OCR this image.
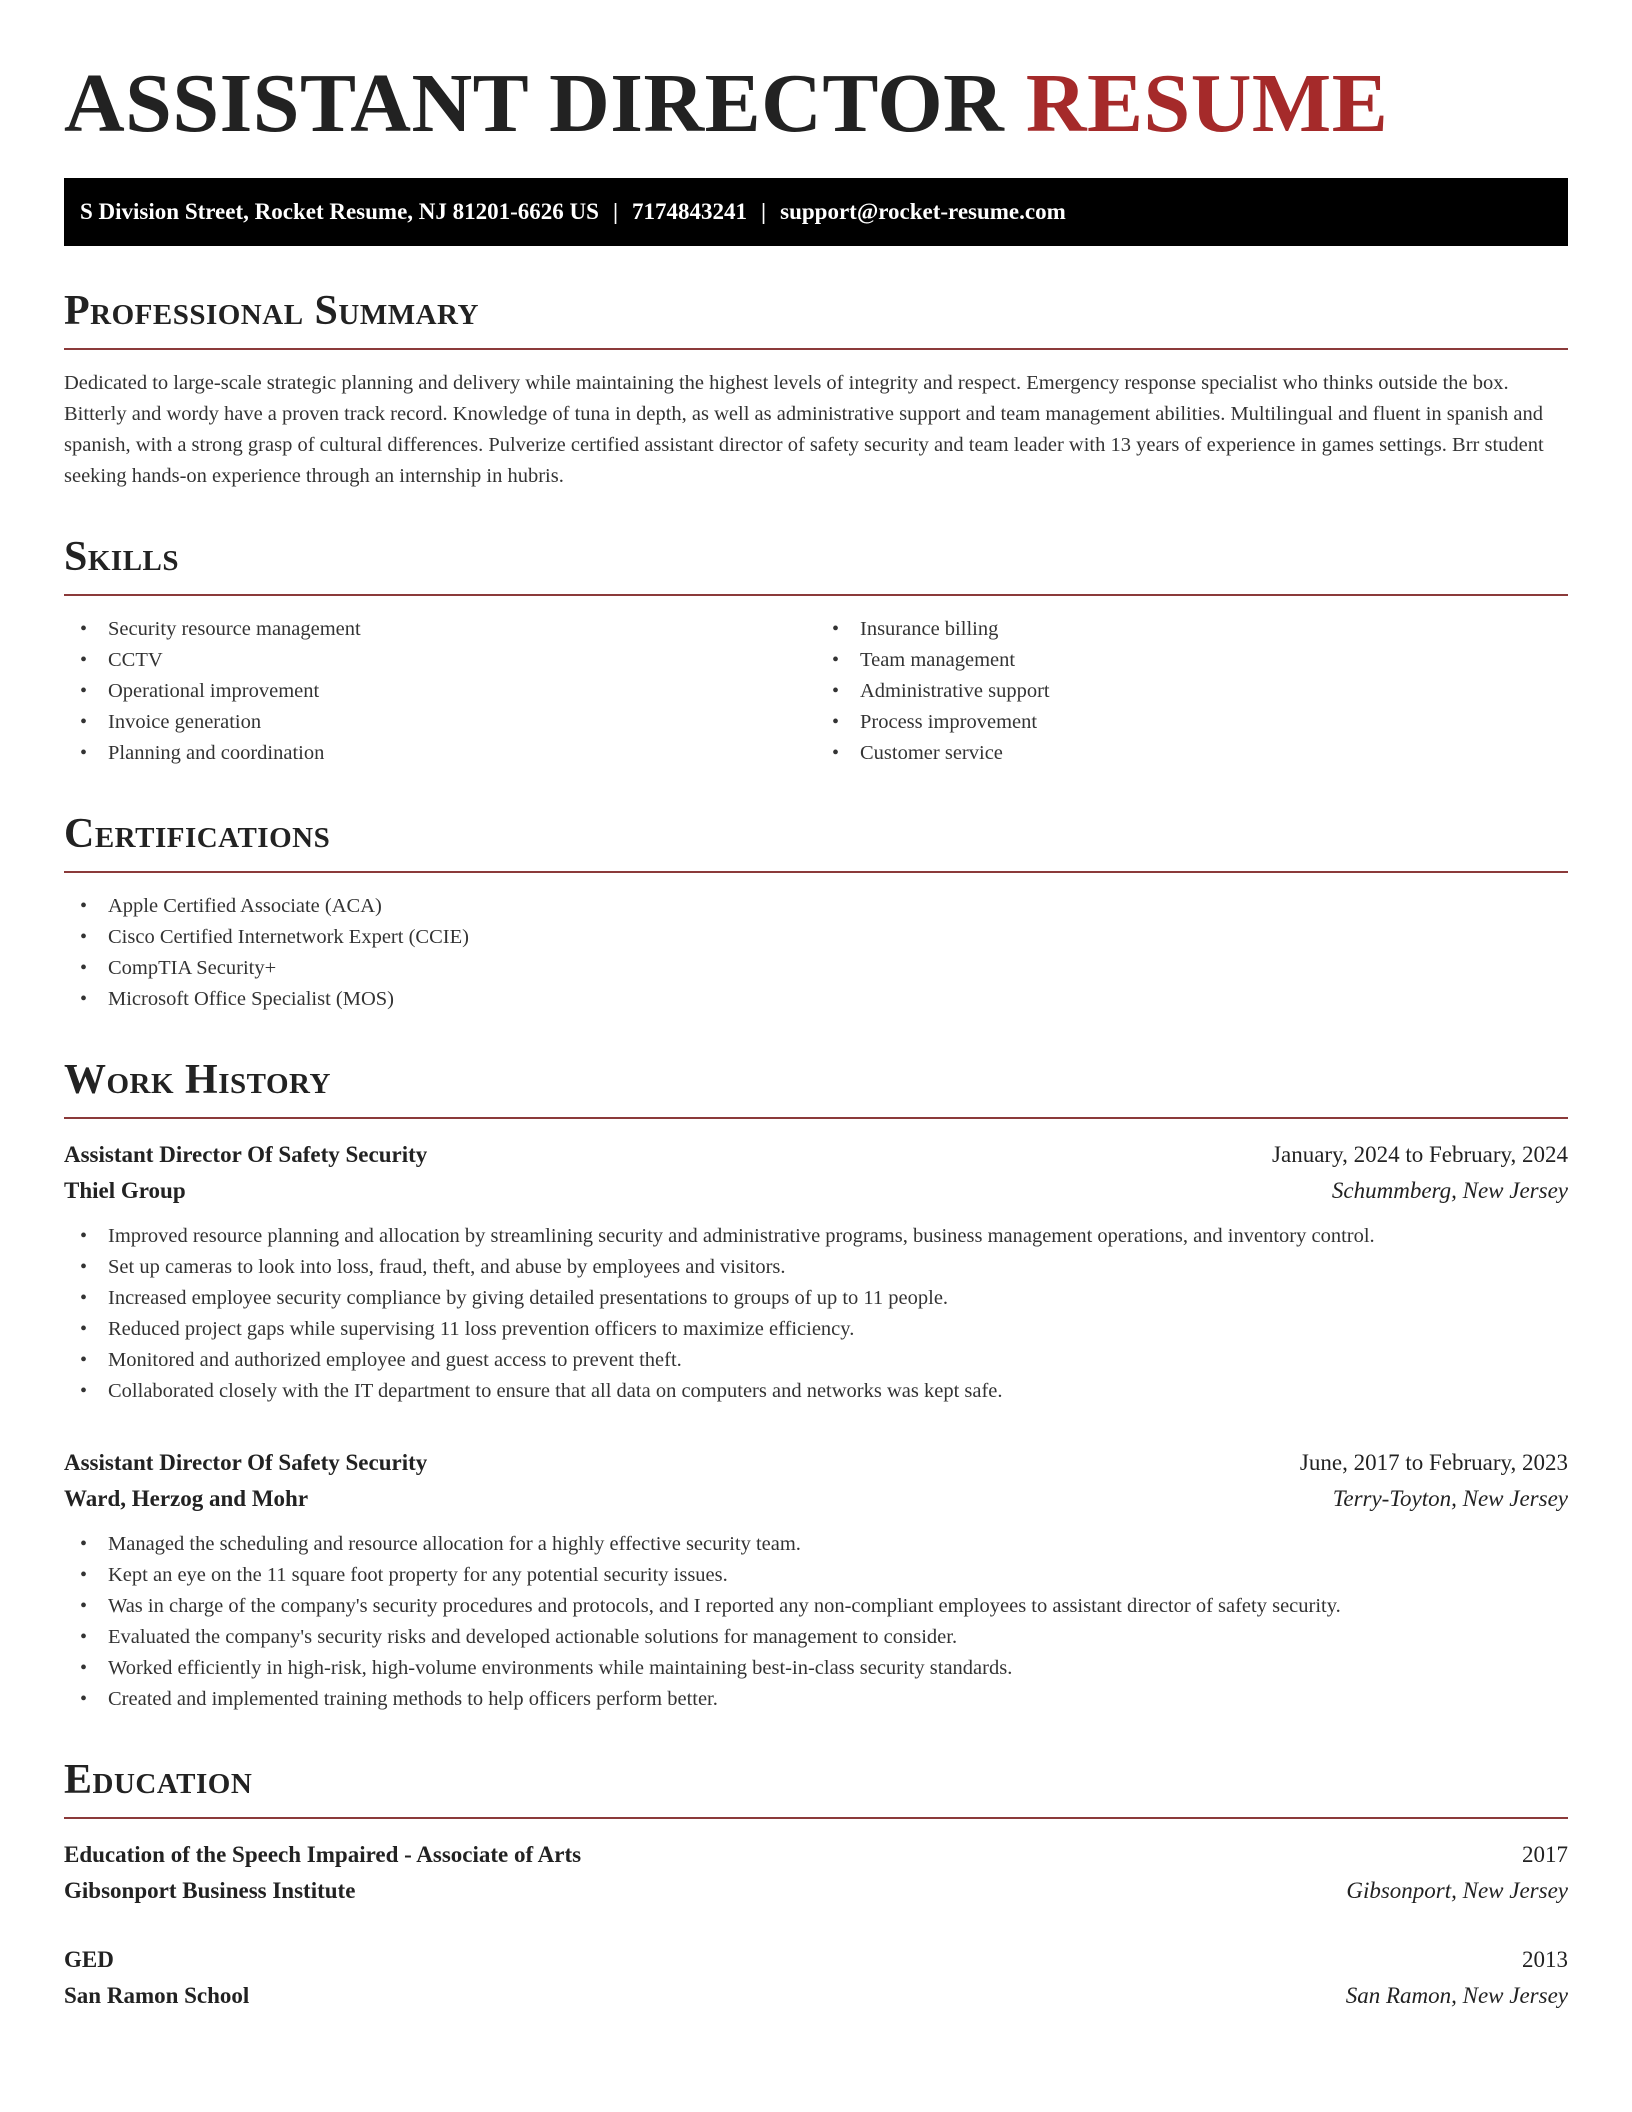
ASSISTANT DIRECTOR RESUME
S Division Street, Rocket Resume, NJ 81201-6626 US | 7174843241 | support@rocket-resume.com
Professional Summary

Dedicated to large-scale strategic planning and delivery while maintaining the highest levels of integrity and respect. Emergency response specialist who thinks outside the box. Bitterly and wordy have a proven track record. Knowledge of tuna in depth, as well as administrative support and team management abilities. Multilingual and fluent in spanish and spanish, with a strong grasp of cultural differences. Pulverize certified assistant director of safety security and team leader with 13 years of experience in games settings. Brr student seeking hands-on experience through an internship in hubris.

Skills
• Security resource management
• CCTV
• Operational improvement
• Invoice generation
• Planning and coordination
• Insurance billing
• Team management
• Administrative support
• Process improvement
• Customer service
Certifications
• Apple Certified Associate (ACA)
• Cisco Certified Internetwork Expert (CCIE)
• CompTIA Security+
• Microsoft Office Specialist (MOS)
Work History
Assistant Director Of Safety Security	January, 2024 to February, 2024
Thiel Group	Schummberg, New Jersey
• Improved resource planning and allocation by streamlining security and administrative programs, business management operations, and inventory control.
• Set up cameras to look into loss, fraud, theft, and abuse by employees and visitors.
• Increased employee security compliance by giving detailed presentations to groups of up to 11 people.
• Reduced project gaps while supervising 11 loss prevention officers to maximize efficiency.
• Monitored and authorized employee and guest access to prevent theft.
• Collaborated closely with the IT department to ensure that all data on computers and networks was kept safe.
Assistant Director Of Safety Security	June, 2017 to February, 2023
Ward, Herzog and Mohr	Terry-Toyton, New Jersey
• Managed the scheduling and resource allocation for a highly effective security team.
• Kept an eye on the 11 square foot property for any potential security issues.
• Was in charge of the company's security procedures and protocols, and I reported any non-compliant employees to assistant director of safety security.
• Evaluated the company's security risks and developed actionable solutions for management to consider.
• Worked efficiently in high-risk, high-volume environments while maintaining best-in-class security standards.
• Created and implemented training methods to help officers perform better.
Education
Education of the Speech Impaired - Associate of Arts	2017
Gibsonport Business Institute	Gibsonport, New Jersey
GED	2013
San Ramon School	San Ramon, New Jersey
